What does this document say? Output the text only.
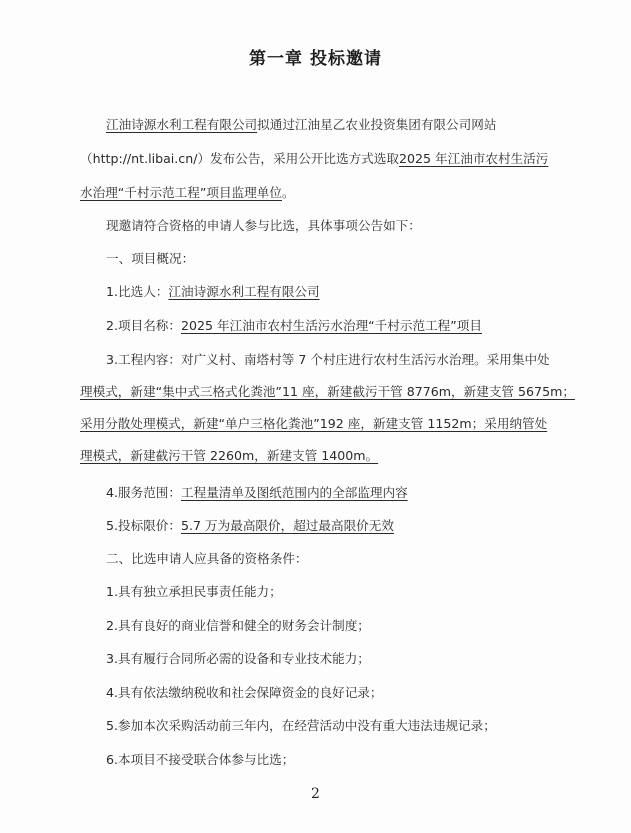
第一章 投标邀请
江油诗源水利工程有限公司拟通过江油星乙农业投资集团有限公司网站
（http://nt.libai.cn/）发布公告，采用公开比选方式选取2025 年江油市农村生活污
水治理“千村示范工程”项目监理单位。
现邀请符合资格的申请人参与比选，具体事项公告如下：
一、项目概况：
1.比选人：江油诗源水利工程有限公司
2.项目名称：2025 年江油市农村生活污水治理“千村示范工程”项目
3.工程内容：对广义村、南塔村等 7 个村庄进行农村生活污水治理。采用集中处
理模式，新建“集中式三格式化粪池”11 座，新建截污干管 8776m，新建支管 5675m；
采用分散处理模式，新建“单户三格化粪池”192 座，新建支管 1152m；采用纳管处
理模式，新建截污干管 2260m，新建支管 1400m。
4.服务范围：工程量清单及图纸范围内的全部监理内容
5.投标限价：5.7 万为最高限价，超过最高限价无效
二、比选申请人应具备的资格条件：
1.具有独立承担民事责任能力；
2.具有良好的商业信誉和健全的财务会计制度；
3.具有履行合同所必需的设备和专业技术能力；
4.具有依法缴纳税收和社会保障资金的良好记录；
5.参加本次采购活动前三年内，在经营活动中没有重大违法违规记录；
6.本项目不接受联合体参与比选；
2
